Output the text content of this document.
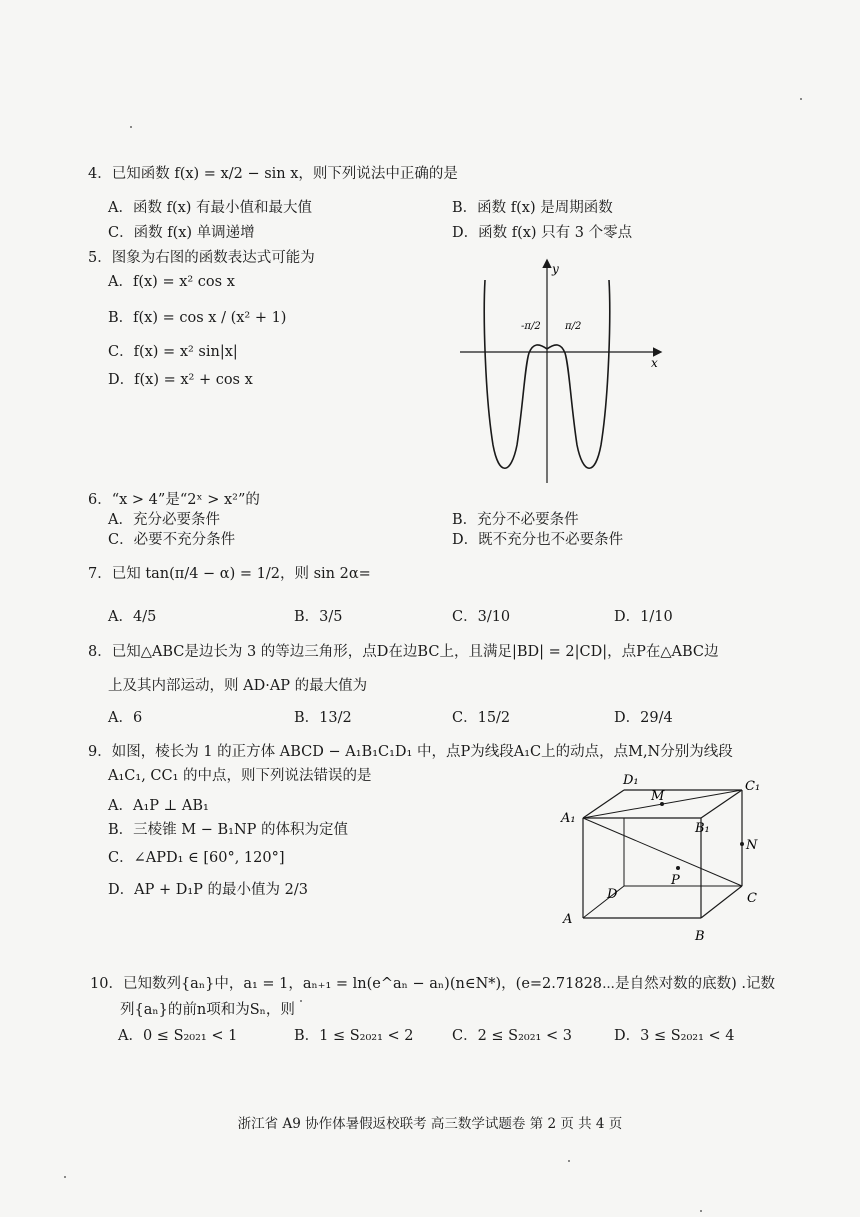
4．已知函数 f(x) = x/2 − sin x，则下列说法中正确的是
A．函数 f(x) 有最小值和最大值	B．函数 f(x) 是周期函数
C．函数 f(x) 单调递增	D．函数 f(x) 只有 3 个零点
5．图象为右图的函数表达式可能为
A．f(x) = x² cos x
B．f(x) = cos x / (x² + 1)
C．f(x) = x² sin|x|
D．f(x) = x² + cos x
y
x
-π/2 π/2
6．“x > 4”是“2ˣ > x²”的
A．充分必要条件	B．充分不必要条件
C．必要不充分条件	D．既不充分也不必要条件
7．已知 tan(π/4 − α) = 1/2，则 sin 2α=
A．4/5	B．3/5	C．3/10	D．1/10
8．已知△ABC是边长为 3 的等边三角形，点D在边BC上，且满足|BD| = 2|CD|，点P在△ABC边
上及其内部运动，则 AD·AP 的最大值为
A．6	B．13/2	C．15/2	D．29/4
9．如图，棱长为 1 的正方体 ABCD − A₁B₁C₁D₁ 中，点P为线段A₁C上的动点，点M,N分别为线段
A₁C₁, CC₁ 的中点，则下列说法错误的是
A．A₁P ⊥ AB₁
B．三棱锥 M − B₁NP 的体积为定值
C．∠APD₁ ∈ [60°, 120°]
D．AP + D₁P 的最小值为 2/3
A
B
C
D
A₁
B₁
C₁
D₁
M
N
P
10．已知数列{aₙ}中，a₁ = 1，aₙ₊₁ = ln(e^aₙ − aₙ)(n∈N*)，(e=2.71828⋯是自然对数的底数) .记数
列{aₙ}的前n项和为Sₙ，则
A．0 ≤ S₂₀₂₁ < 1	B．1 ≤ S₂₀₂₁ < 2	C．2 ≤ S₂₀₂₁ < 3	D．3 ≤ S₂₀₂₁ < 4
浙江省 A9 协作体暑假返校联考 高三数学试题卷 第 2 页 共 4 页
